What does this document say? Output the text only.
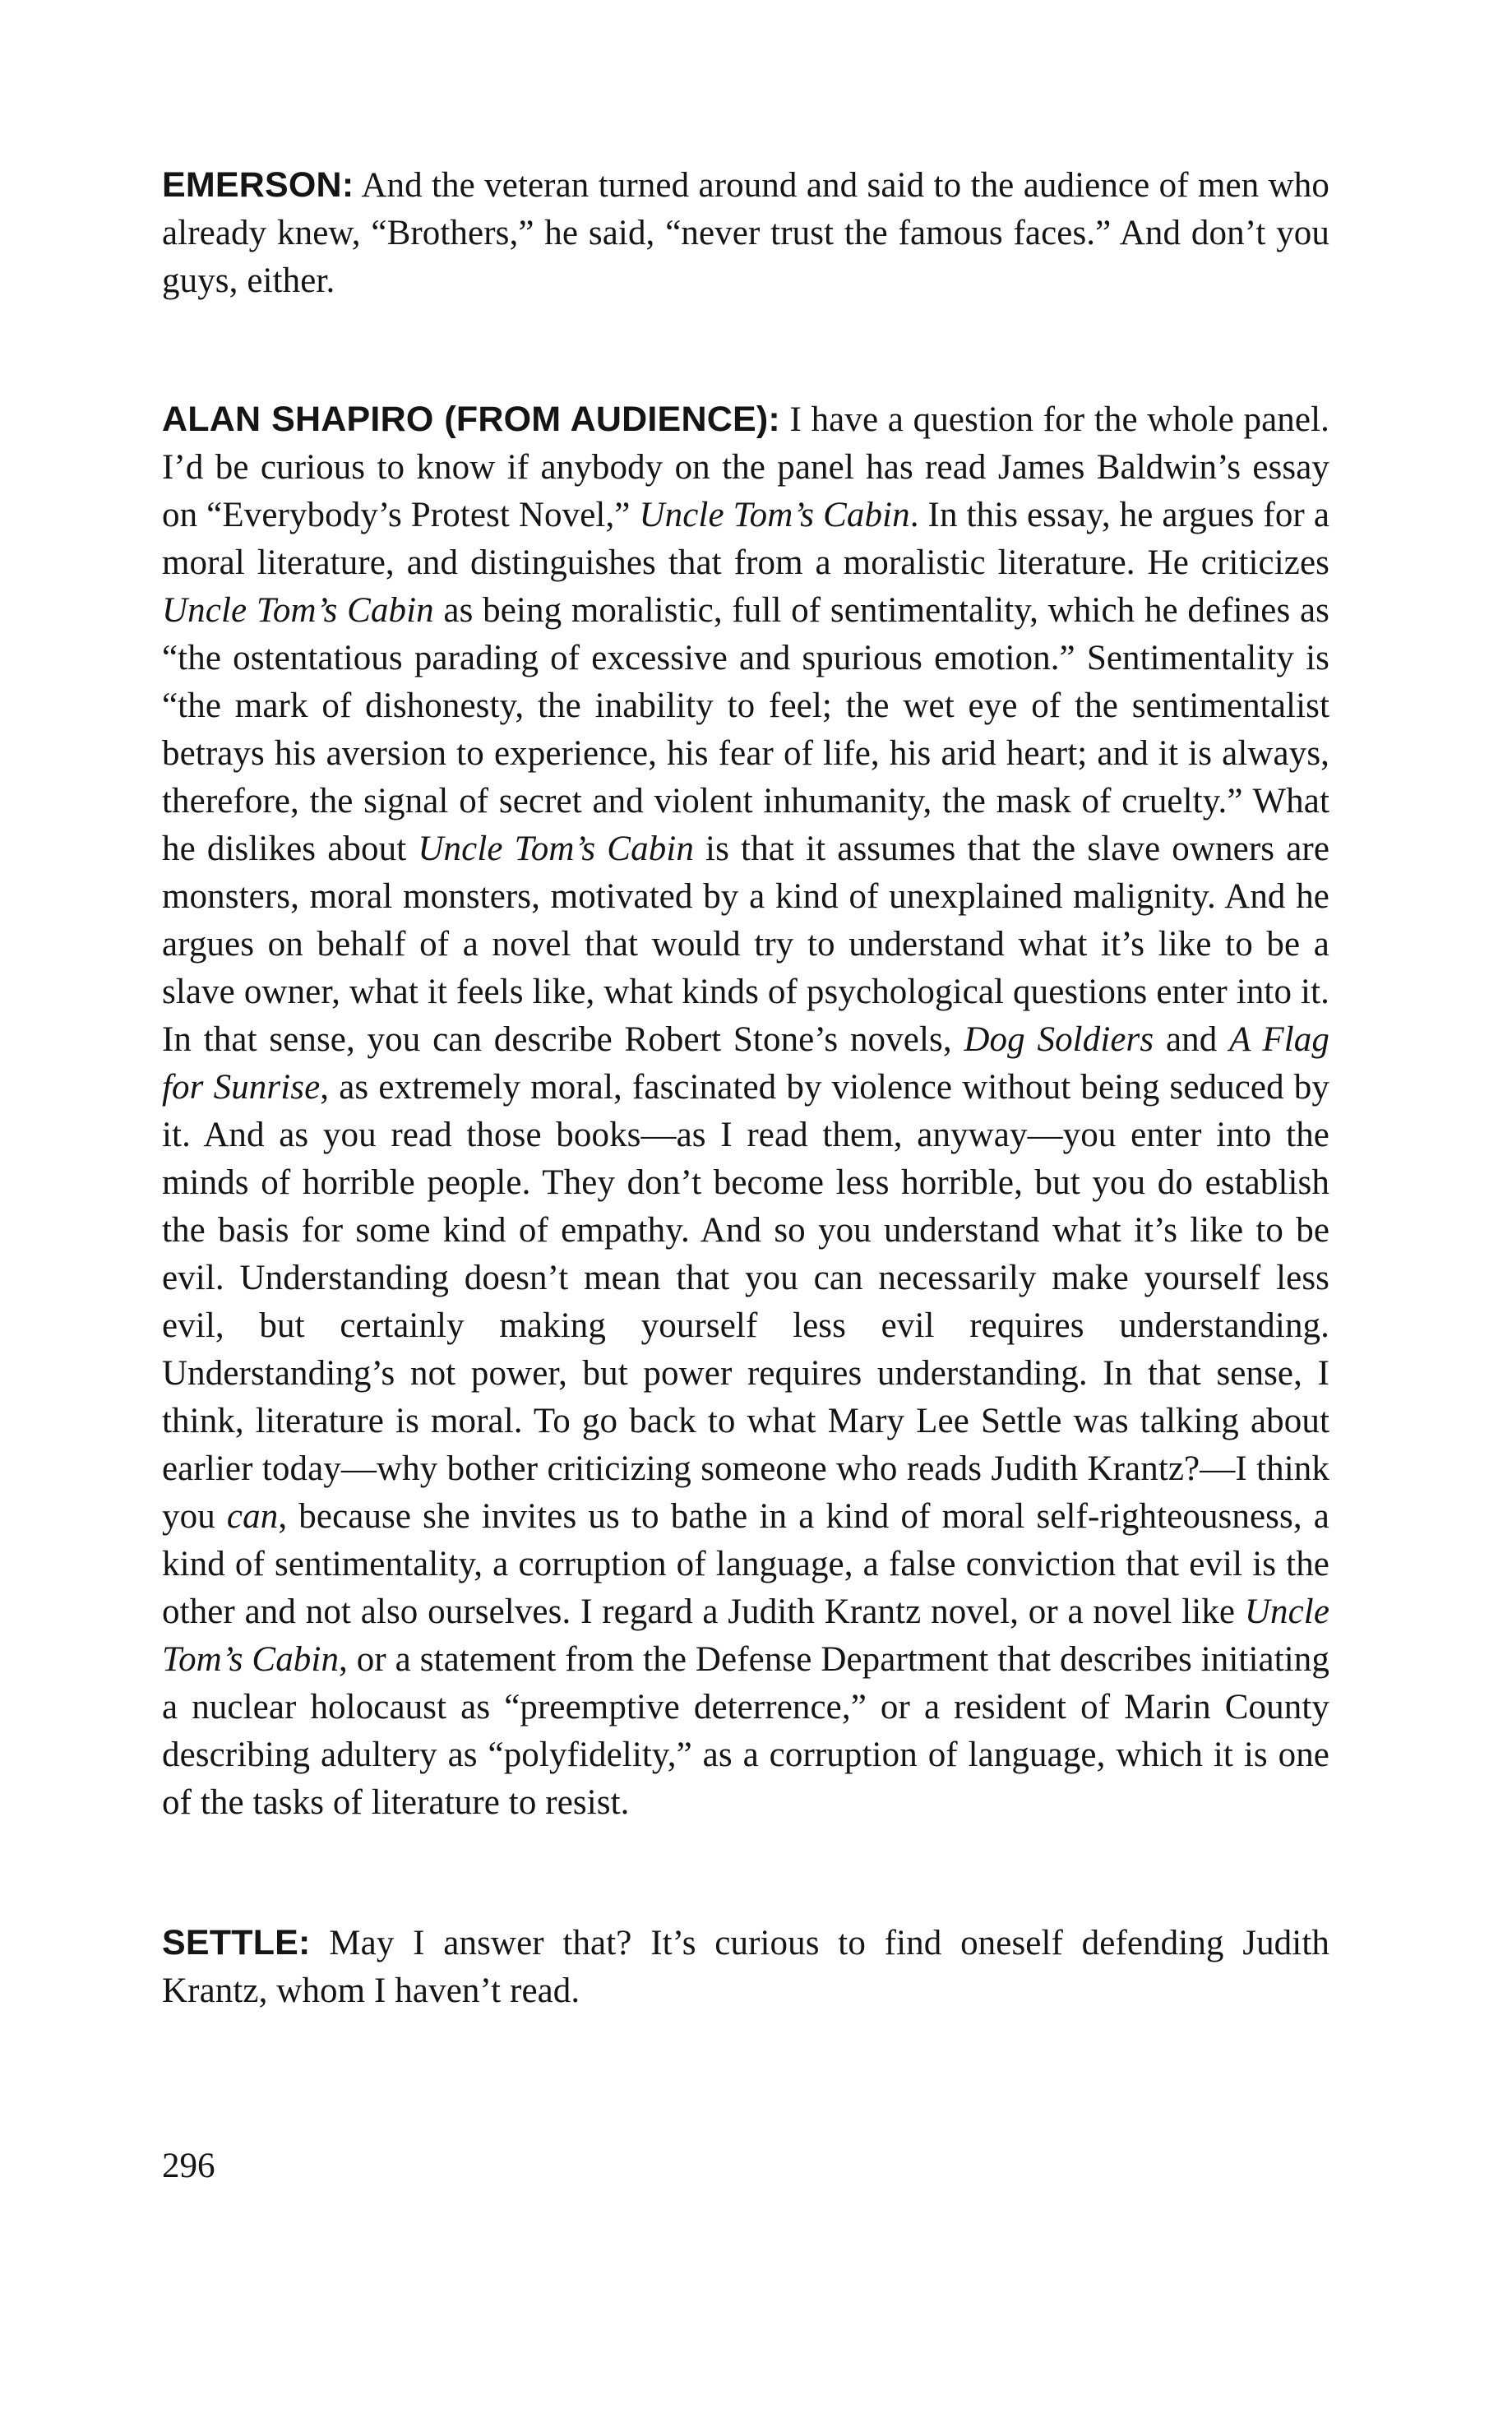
EMERSON: And the veteran turned around and said to the audience of men who already knew, “Brothers,” he said, “never trust the famous faces.” And don’t you guys, either.

ALAN SHAPIRO (FROM AUDIENCE): I have a question for the whole panel. I’d be curious to know if anybody on the panel has read James Baldwin’s essay on “Everybody’s Protest Novel,” Uncle Tom’s Cabin. In this essay, he argues for a moral literature, and distinguishes that from a moralistic literature. He criticizes Uncle Tom’s Cabin as being moralistic, full of sentimentality, which he defines as “the ostentatious parading of excessive and spurious emotion.” Sentimentality is “the mark of dishonesty, the inability to feel; the wet eye of the sentimentalist betrays his aversion to experience, his fear of life, his arid heart; and it is always, therefore, the signal of secret and violent inhumanity, the mask of cruelty.” What he dislikes about Uncle Tom’s Cabin is that it assumes that the slave owners are monsters, moral monsters, motivated by a kind of unexplained malignity. And he argues on behalf of a novel that would try to understand what it’s like to be a slave owner, what it feels like, what kinds of psychological questions enter into it. In that sense, you can describe Robert Stone’s novels, Dog Soldiers and A Flag for Sunrise, as extremely moral, fascinated by violence without being seduced by it. And as you read those books—as I read them, anyway—you enter into the minds of horrible people. They don’t become less horrible, but you do establish the basis for some kind of empathy. And so you understand what it’s like to be evil. Understanding doesn’t mean that you can necessarily make yourself less evil, but certainly making yourself less evil requires understanding. Understanding’s not power, but power requires understanding. In that sense, I think, literature is moral. To go back to what Mary Lee Settle was talking about earlier today—why bother criticizing someone who reads Judith Krantz?—I think you can, because she invites us to bathe in a kind of moral self-righteousness, a kind of sentimentality, a corruption of language, a false conviction that evil is the other and not also ourselves. I regard a Judith Krantz novel, or a novel like Uncle Tom’s Cabin, or a statement from the Defense Department that describes initiating a nuclear holocaust as “preemptive deterrence,” or a resident of Marin County describing adultery as “polyfidelity,” as a corruption of language, which it is one of the tasks of literature to resist.

SETTLE: May I answer that? It’s curious to find oneself defending Judith Krantz, whom I haven’t read.

296
